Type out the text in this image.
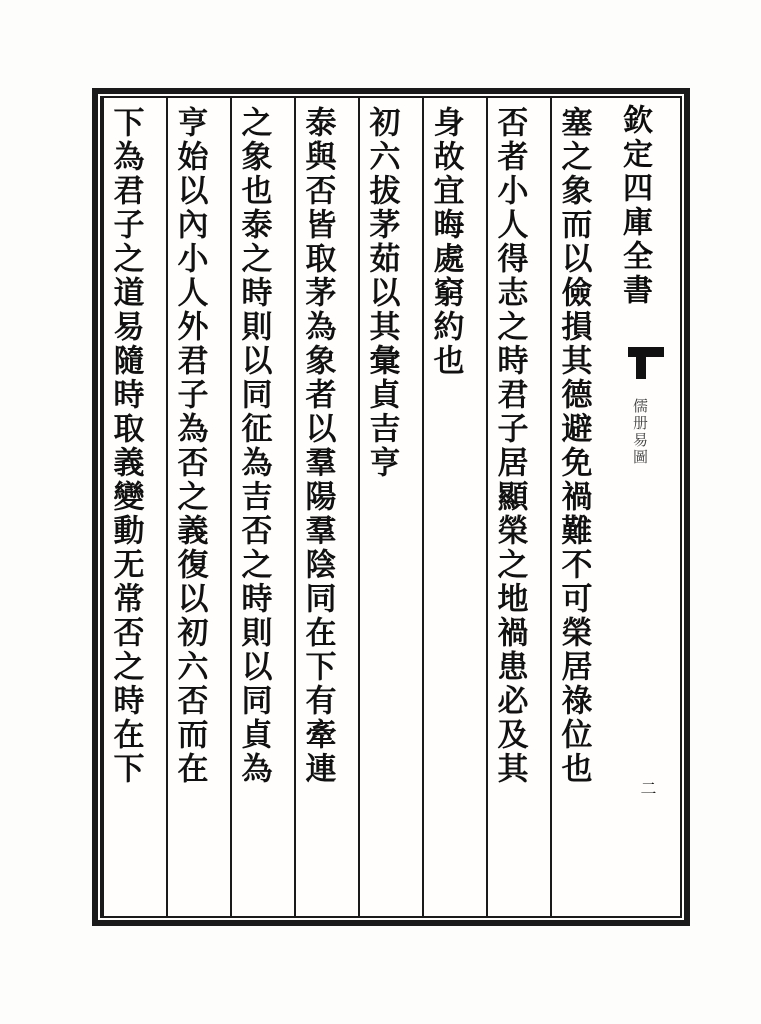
欽定四庫全書
儒册易圖
二
塞之象而以儉損其德避免禍難不可榮居祿位也
否者小人得志之時君子居顯榮之地禍患必及其
身故宜晦處窮約也
初六拔茅茹以其彙貞吉亨
泰與否皆取茅為象者以羣陽羣陰同在下有牽連
之象也泰之時則以同征為吉否之時則以同貞為
亨始以內小人外君子為否之義復以初六否而在
下為君子之道易隨時取義變動无常否之時在下
